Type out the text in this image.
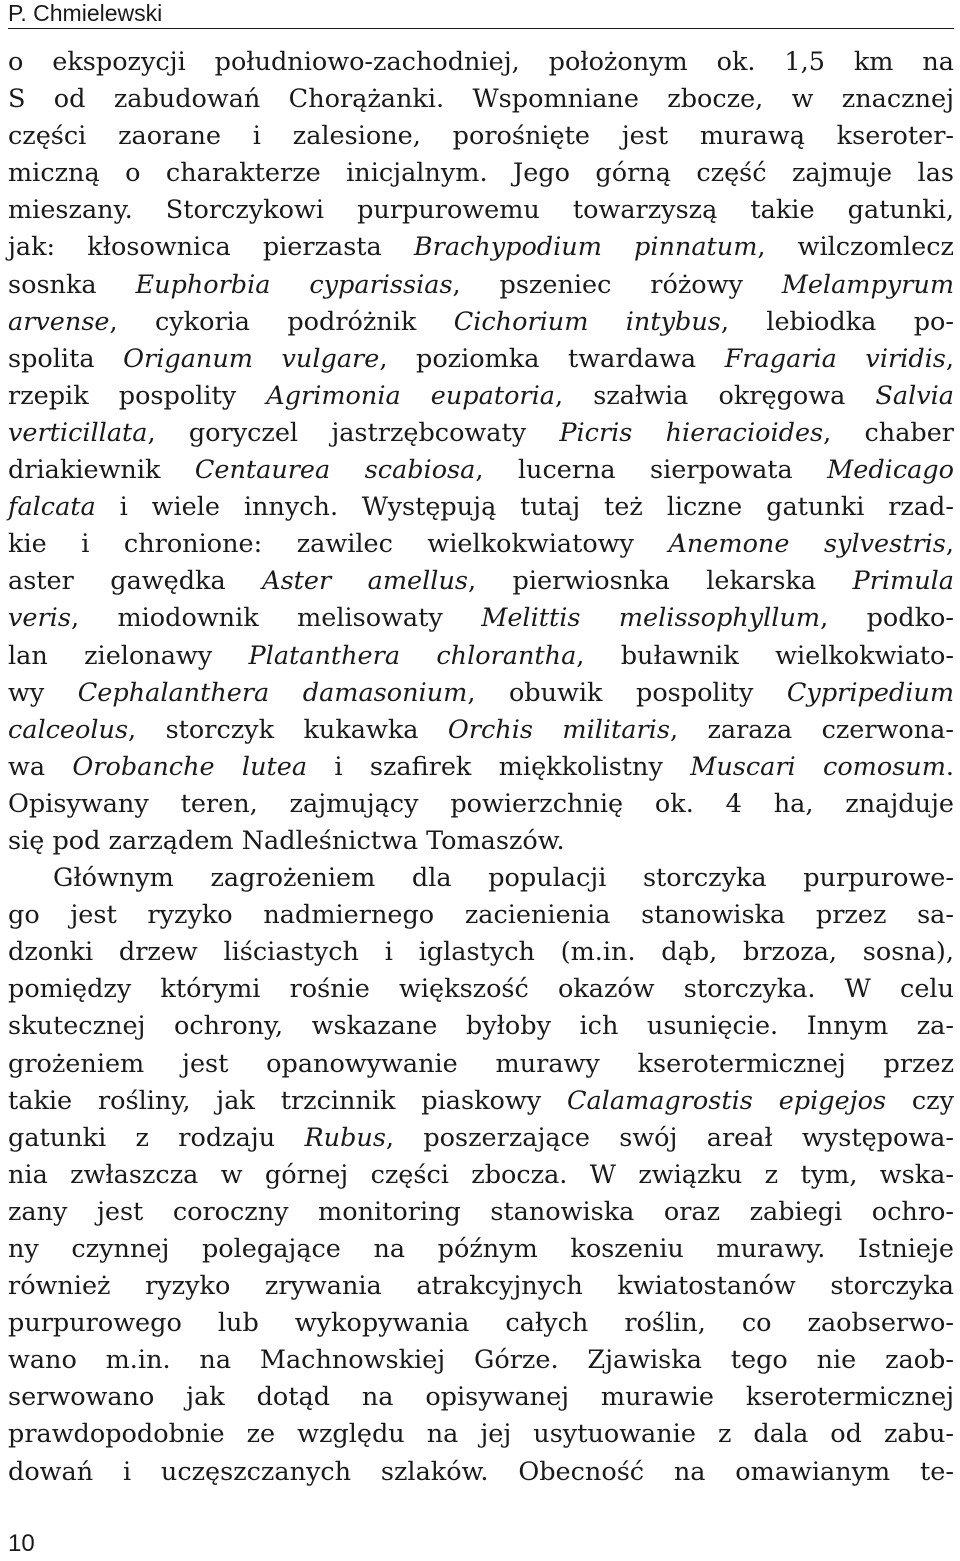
P. Chmielewski
o ekspozycji południowo-zachodniej, położonym ok. 1,5 km na
S od zabudowań Chorążanki. Wspomniane zbocze, w znacznej
części zaorane i zalesione, porośnięte jest murawą kseroter-
miczną o charakterze inicjalnym. Jego górną część zajmuje las
mieszany. Storczykowi purpurowemu towarzyszą takie gatunki,
jak: kłosownica pierzasta Brachypodium pinnatum, wilczomlecz
sosnka Euphorbia cyparissias, pszeniec różowy Melampyrum
arvense, cykoria podróżnik Cichorium intybus, lebiodka po-
spolita Origanum vulgare, poziomka twardawa Fragaria viridis,
rzepik pospolity Agrimonia eupatoria, szałwia okręgowa Salvia
verticillata, goryczel jastrzębcowaty Picris hieracioides, chaber
driakiewnik Centaurea scabiosa, lucerna sierpowata Medicago
falcata i wiele innych. Występują tutaj też liczne gatunki rzad-
kie i chronione: zawilec wielkokwiatowy Anemone sylvestris,
aster gawędka Aster amellus, pierwiosnka lekarska Primula
veris, miodownik melisowaty Melittis melissophyllum, podko-
lan zielonawy Platanthera chlorantha, buławnik wielkokwiato-
wy Cephalanthera damasonium, obuwik pospolity Cypripedium
calceolus, storczyk kukawka Orchis militaris, zaraza czerwona-
wa Orobanche lutea i szafirek miękkolistny Muscari comosum.
Opisywany teren, zajmujący powierzchnię ok. 4 ha, znajduje
się pod zarządem Nadleśnictwa Tomaszów.
Głównym zagrożeniem dla populacji storczyka purpurowe-
go jest ryzyko nadmiernego zacienienia stanowiska przez sa-
dzonki drzew liściastych i iglastych (m.in. dąb, brzoza, sosna),
pomiędzy którymi rośnie większość okazów storczyka. W celu
skutecznej ochrony, wskazane byłoby ich usunięcie. Innym za-
grożeniem jest opanowywanie murawy kserotermicznej przez
takie rośliny, jak trzcinnik piaskowy Calamagrostis epigejos czy
gatunki z rodzaju Rubus, poszerzające swój areał występowa-
nia zwłaszcza w górnej części zbocza. W związku z tym, wska-
zany jest coroczny monitoring stanowiska oraz zabiegi ochro-
ny czynnej polegające na późnym koszeniu murawy. Istnieje
również ryzyko zrywania atrakcyjnych kwiatostanów storczyka
purpurowego lub wykopywania całych roślin, co zaobserwo-
wano m.in. na Machnowskiej Górze. Zjawiska tego nie zaob-
serwowano jak dotąd na opisywanej murawie kserotermicznej
prawdopodobnie ze względu na jej usytuowanie z dala od zabu-
dowań i uczęszczanych szlaków. Obecność na omawianym te-
10
